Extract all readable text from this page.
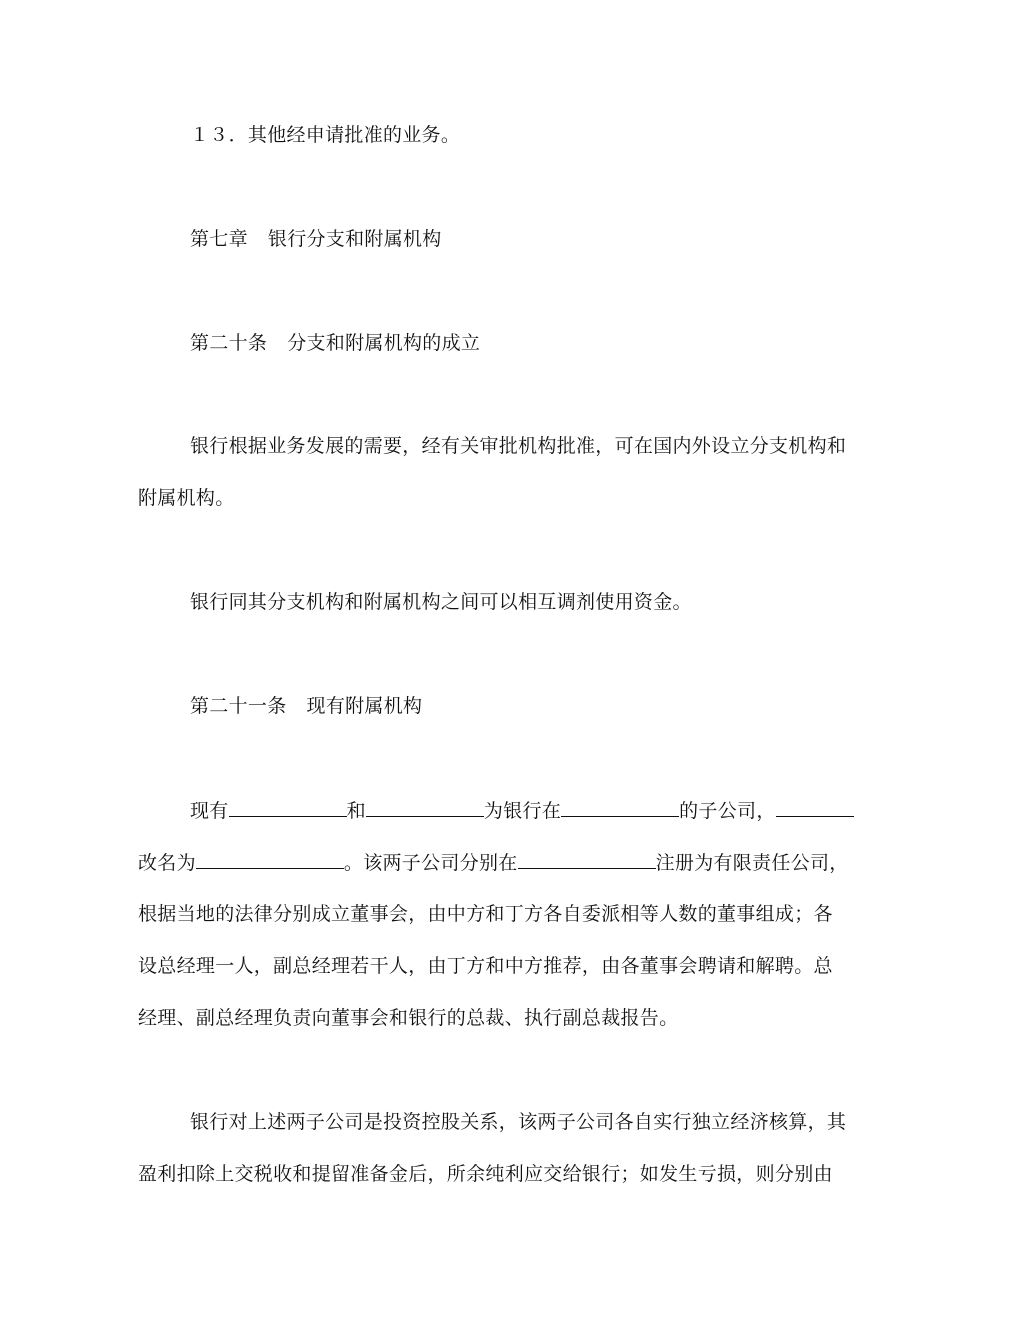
１３．其他经申请批准的业务。
第七章 银行分支和附属机构
第二十条 分支和附属机构的成立
银行根据业务发展的需要，经有关审批机构批准，可在国内外设立分支机构和
附属机构。
银行同其分支机构和附属机构之间可以相互调剂使用资金。
第二十一条 现有附属机构
现有	和	为银行在	的子公司，
改名为	。该两子公司分别在	注册为有限责任公司，
根据当地的法律分别成立董事会，由中方和丁方各自委派相等人数的董事组成；各
设总经理一人，副总经理若干人，由丁方和中方推荐，由各董事会聘请和解聘。总
经理、副总经理负责向董事会和银行的总裁、执行副总裁报告。
银行对上述两子公司是投资控股关系，该两子公司各自实行独立经济核算，其
盈利扣除上交税收和提留准备金后，所余纯利应交给银行；如发生亏损，则分别由
